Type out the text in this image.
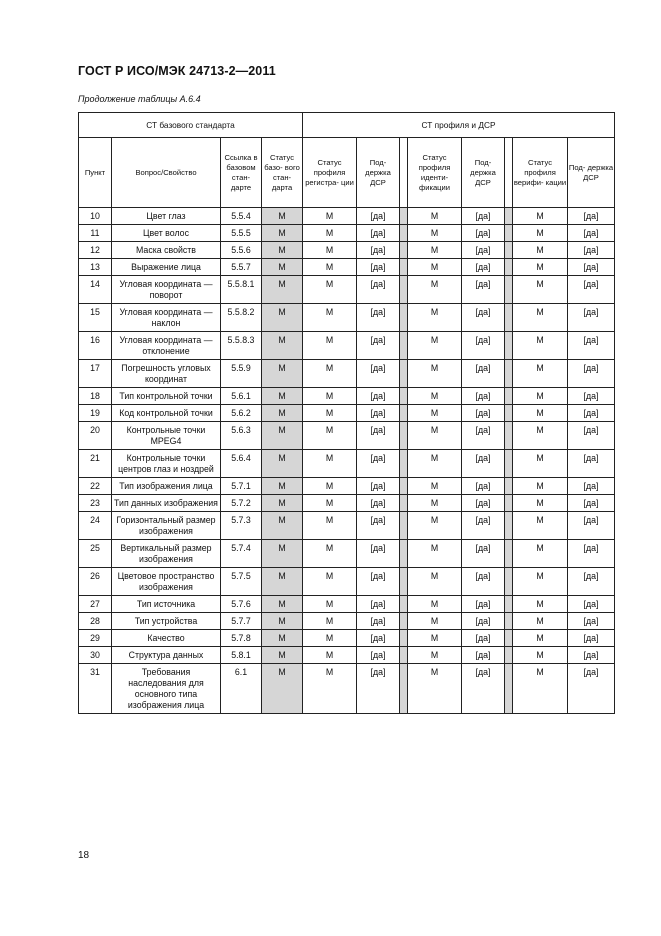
ГОСТ Р ИСО/МЭК 24713-2—2011
Продолжение таблицы А.6.4
СТ базового стандарта				СТ профиля и ДСР							
Пункт	Вопрос/Свойство	Ссылка в базовом стан- дарте	Статус базо- вого стан- дарта	Статус профиля регистра- ции	Под- держка ДСР		Статус профиля иденти- фикации	Под- держка ДСР		Статус профиля верифи- кации	Под- держка ДСР
10	Цвет глаз	5.5.4	M	M	[да]		M	[да]		M	[да]
11	Цвет волос	5.5.5	M	M	[да]		M	[да]		M	[да]
12	Маска свойств	5.5.6	M	M	[да]		M	[да]		M	[да]
13	Выражение лица	5.5.7	M	M	[да]		M	[да]		M	[да]
14	Угловая координата — поворот	5.5.8.1	M	M	[да]		M	[да]		M	[да]
15	Угловая координата — наклон	5.5.8.2	M	M	[да]		M	[да]		M	[да]
16	Угловая координата — отклонение	5.5.8.3	M	M	[да]		M	[да]		M	[да]
17	Погрешность угловых координат	5.5.9	M	M	[да]		M	[да]		M	[да]
18	Тип контрольной точки	5.6.1	M	M	[да]		M	[да]		M	[да]
19	Код контрольной точки	5.6.2	M	M	[да]		M	[да]		M	[да]
20	Контрольные точки MPEG4	5.6.3	M	M	[да]		M	[да]		M	[да]
21	Контрольные точки центров глаз и ноздрей	5.6.4	M	M	[да]		M	[да]		M	[да]
22	Тип изображения лица	5.7.1	M	M	[да]		M	[да]		M	[да]
23	Тип данных изображения	5.7.2	M	M	[да]		M	[да]		M	[да]
24	Горизонтальный размер изображения	5.7.3	M	M	[да]		M	[да]		M	[да]
25	Вертикальный размер изображения	5.7.4	M	M	[да]		M	[да]		M	[да]
26	Цветовое пространство изображения	5.7.5	M	M	[да]		M	[да]		M	[да]
27	Тип источника	5.7.6	M	M	[да]		M	[да]		M	[да]
28	Тип устройства	5.7.7	M	M	[да]		M	[да]		M	[да]
29	Качество	5.7.8	M	M	[да]		M	[да]		M	[да]
30	Структура данных	5.8.1	M	M	[да]		M	[да]		M	[да]
31	Требования наследования для основного типа изображения лица	6.1	M	M	[да]		M	[да]		M	[да]
18
